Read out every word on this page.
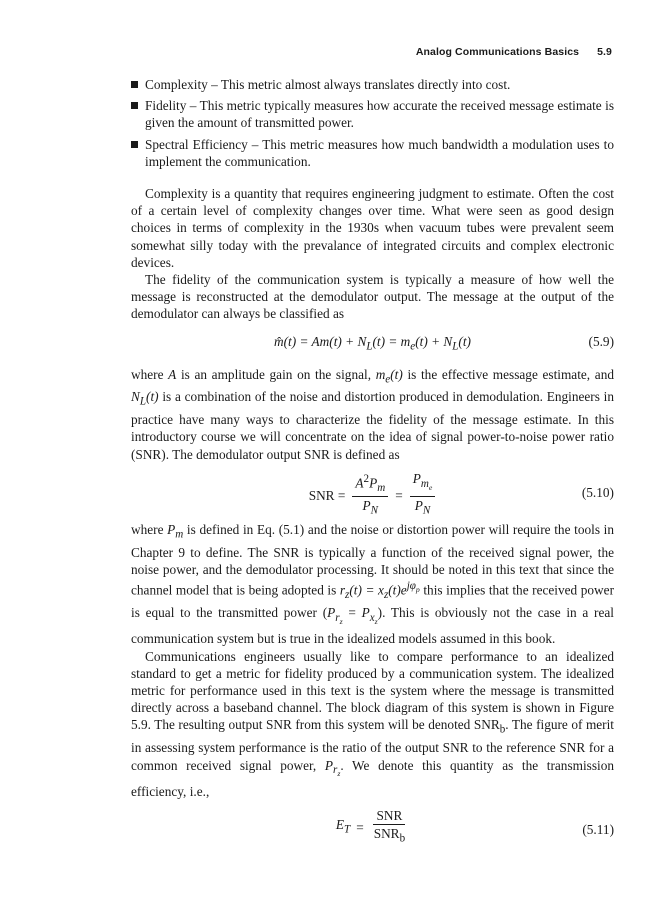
Analog Communications Basics 5.9
Complexity – This metric almost always translates directly into cost.
Fidelity – This metric typically measures how accurate the received message estimate is given the amount of transmitted power.
Spectral Efficiency – This metric measures how much bandwidth a modulation uses to implement the communication.

Complexity is a quantity that requires engineering judgment to estimate. Often the cost of a certain level of complexity changes over time. What were seen as good design choices in terms of complexity in the 1930s when vacuum tubes were prevalent seem somewhat silly today with the prevalance of integrated circuits and complex electronic devices.

The fidelity of the communication system is typically a measure of how well the message is reconstructed at the demodulator output. The message at the output of the demodulator can always be classified as

m̂(t) = $Am(t) + N_L(t) = m_e(t) + N_L(t)$	(5.9)

where A is an amplitude gain on the signal, $m_e(t)$ is the effective message estimate, and $N_L(t)$ is a combination of the noise and distortion produced in demodulation. Engineers in practice have many ways to characterize the fidelity of the message estimate. In this introductory course we will concentrate on the idea of signal power-to-noise power ratio (SNR). The demodulator output SNR is defined as

SNR = $\frac{A^2P_m}{P_N} = \frac{P_{m_e}}{P_N}$	(5.10)

where $P_m$ is defined in Eq. (5.1) and the noise or distortion power will require the tools in Chapter 9 to define. The SNR is typically a function of the received signal power, the noise power, and the demodulator processing. It should be noted in this text that since the channel model that is being adopted is $r_z(t) = x_z(t)e^{j\varphi_p}$ this implies that the received power is equal to the transmitted power $(P_{r_z} = P_{x_z})$. This is obviously not the case in a real communication system but is true in the idealized models assumed in this book.

Communications engineers usually like to compare performance to an idealized standard to get a metric for fidelity produced by a communication system. The idealized metric for performance used in this text is the system where the message is transmitted directly across a baseband channel. The block diagram of this system is shown in Figure 5.9. The resulting output SNR from this system will be denoted $SNR_b$. The figure of merit in assessing system performance is the ratio of the output SNR to the reference SNR for a common received signal power, $P_{r_z}$. We denote this quantity as the transmission efficiency, i.e.,

$E_T = \frac{\text{SNR}}{SNR_b}$	(5.11)
